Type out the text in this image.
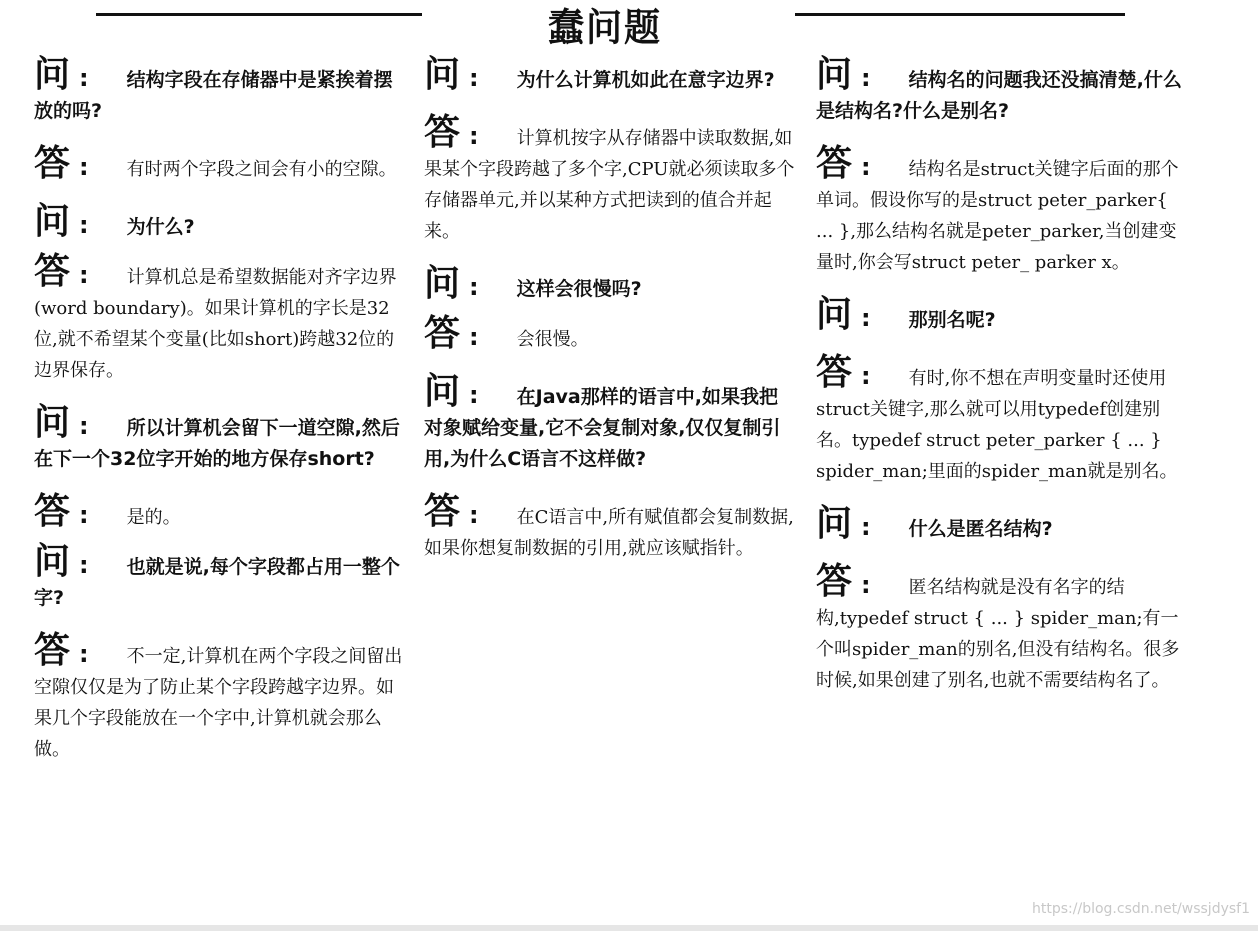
蠢问题

问 : 结构字段在存储器中是紧挨着摆放的吗?

答 : 有时两个字段之间会有小的空隙。

问 : 为什么?

答 : 计算机总是希望数据能对齐字边界(word boundary)。如果计算机的字长是32位,就不希望某个变量(比如short)跨越32位的边界保存。

问 : 所以计算机会留下一道空隙,然后在下一个32位字开始的地方保存short?

答 : 是的。

问 : 也就是说,每个字段都占用一整个字?

答 : 不一定,计算机在两个字段之间留出空隙仅仅是为了防止某个字段跨越字边界。如果几个字段能放在一个字中,计算机就会那么做。

问 : 为什么计算机如此在意字边界?

答 : 计算机按字从存储器中读取数据,如果某个字段跨越了多个字,CPU就必须读取多个存储器单元,并以某种方式把读到的值合并起来。

问 : 这样会很慢吗?

答 : 会很慢。

问 : 在Java那样的语言中,如果我把对象赋给变量,它不会复制对象,仅仅复制引用,为什么C语言不这样做?

答 : 在C语言中,所有赋值都会复制数据,如果你想复制数据的引用,就应该赋指针。

问 : 结构名的问题我还没搞清楚,什么是结构名?什么是别名?

答 : 结构名是struct关键字后面的那个单词。假设你写的是struct peter_parker{ ... },那么结构名就是peter_parker,当创建变量时,你会写struct peter_ parker x。

问 : 那别名呢?

答 : 有时,你不想在声明变量时还使用struct关键字,那么就可以用typedef创建别名。typedef struct peter_parker { ... } spider_man;里面的spider_man就是别名。

问 : 什么是匿名结构?

答 : 匿名结构就是没有名字的结构,typedef struct { ... } spider_man;有一个叫spider_man的别名,但没有结构名。很多时候,如果创建了别名,也就不需要结构名了。

https://blog.csdn.net/wssjdysf1
